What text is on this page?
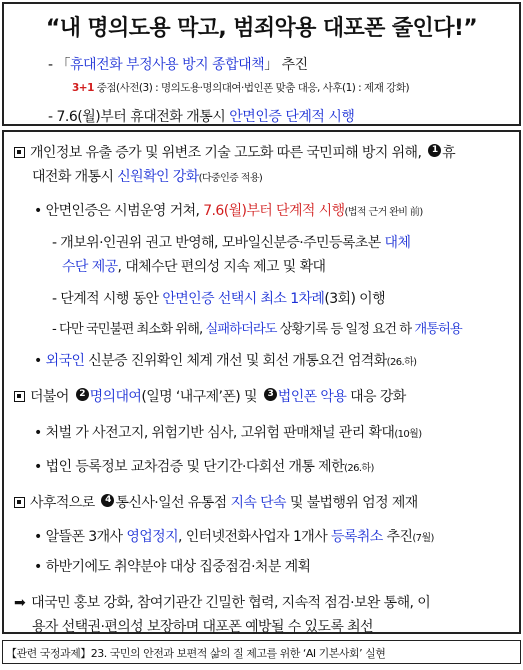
“내 명의도용 막고, 범죄악용 대포폰 줄인다!”
- 「휴대전화 부정사용 방지 종합대책」 추진
3+1 중점(사전(3) : 명의도용·명의대여·법인폰 맞춤 대응, 사후(1) : 제재 강화)
- 7.6(월)부터 휴대전화 개통시 안면인증 단계적 시행
개인정보 유출 증가 및 위변조 기술 고도화 따른 국민피해 방지 위해, 1 휴
대전화 개통시 신원확인 강화(다중인증 적용)
• 안면인증은 시범운영 거쳐, 7.6(월)부터 단계적 시행(법적 근거 완비 前)
- 개보위·인권위 권고 반영해, 모바일신분증·주민등록초본 대체
수단 제공, 대체수단 편의성 지속 제고 및 확대
- 단계적 시행 동안 안면인증 선택시 최소 1차례(3회) 이행
- 다만 국민불편 최소화 위해, 실패하더라도 상황기록 등 일정 요건 하 개통허용
• 외국인 신분증 진위확인 체계 개선 및 회선 개통요건 엄격화(26.하)
더불어 2 명의대여(일명 ‘내구제’폰) 및 3 법인폰 악용 대응 강화
• 처벌 가 사전고지, 위험기반 심사, 고위험 판매채널 관리 확대(10월)
• 법인 등록정보 교차검증 및 단기간·다회선 개통 제한(26.하)
사후적으로 4 통신사·일선 유통점 지속 단속 및 불법행위 엄정 제재
• 알뜰폰 3개사 영업정지, 인터넷전화사업자 1개사 등록취소 추진(7월)
• 하반기에도 취약분야 대상 집중점검·처분 계획
➡ 대국민 홍보 강화, 참여기관간 긴밀한 협력, 지속적 점검·보완 통해, 이
용자 선택권·편의성 보장하며 대포폰 예방될 수 있도록 최선
【관련 국정과제】23. 국민의 안전과 보편적 삶의 질 제고를 위한 ‘AI 기본사회’ 실현
